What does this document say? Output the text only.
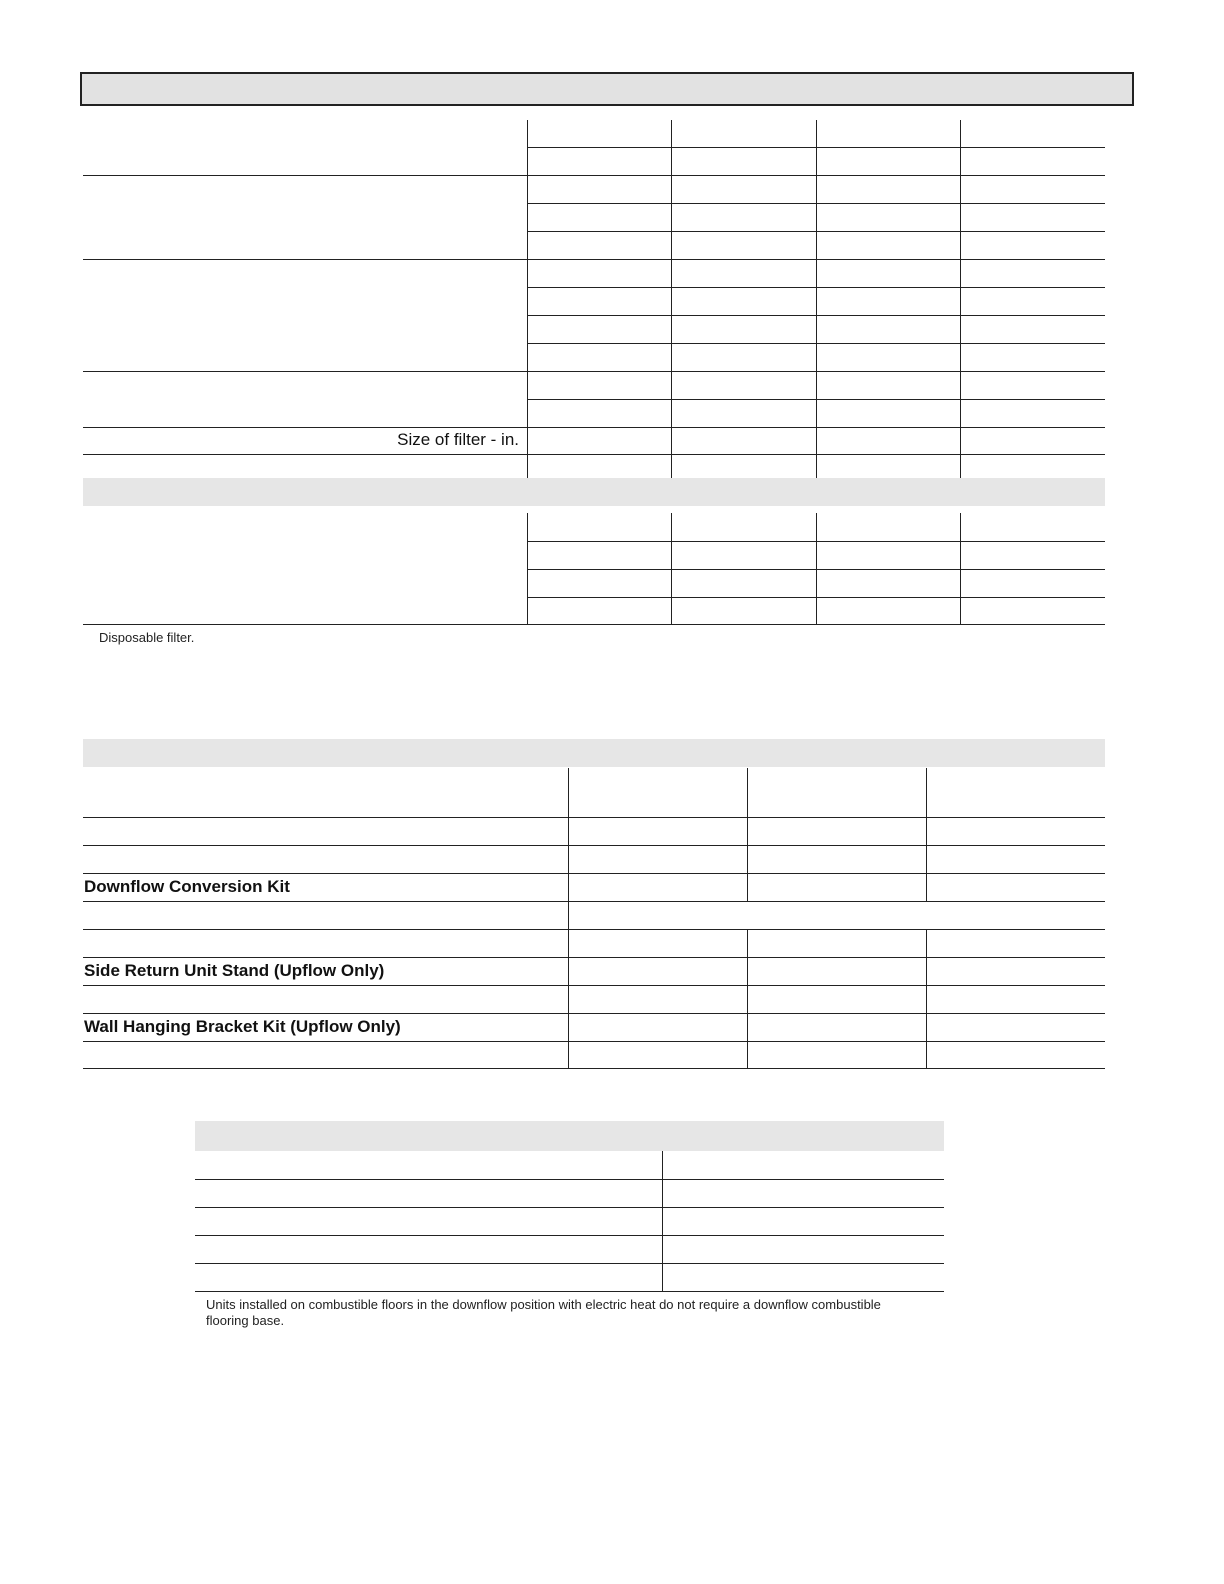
Size of filter - in.
Disposable filter.
Downflow Conversion Kit
Side Return Unit Stand (Upflow Only)
Wall Hanging Bracket Kit (Upflow Only)
Units installed on combustible floors in the downflow position with electric heat do not require a downflow combustible
flooring base.
